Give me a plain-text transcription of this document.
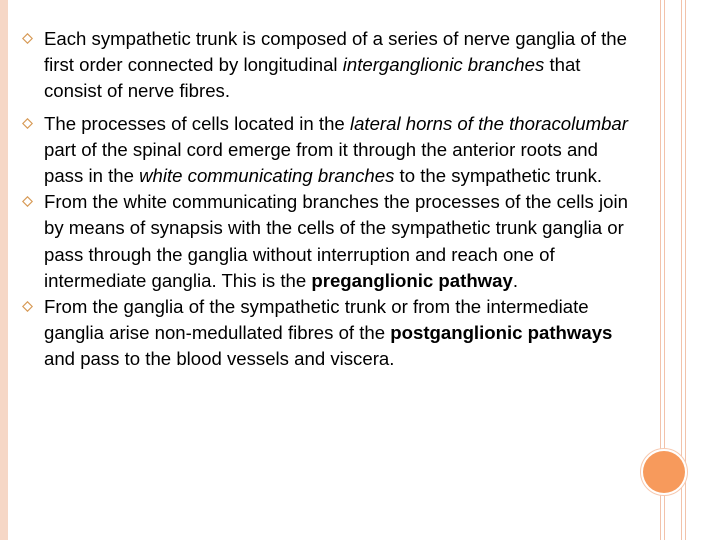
Each sympathetic trunk is composed of a series of nerve ganglia of the first order connected by longitudinal interganglionic branches that consist of nerve fibres.
The processes of cells located in the lateral horns of the thoracolumbar part of the spinal cord emerge from it through the anterior roots and pass in the white communicating branches to the sympathetic trunk.
From the white communicating branches the processes of the cells join by means of synapsis with the cells of the sympathetic trunk ganglia or pass through the ganglia without interruption and reach one of intermediate ganglia. This is the preganglionic pathway.
From the ganglia of the sympathetic trunk or from the intermediate ganglia arise non-medullated fibres of the postganglionic pathways and pass to the blood vessels and viscera.
